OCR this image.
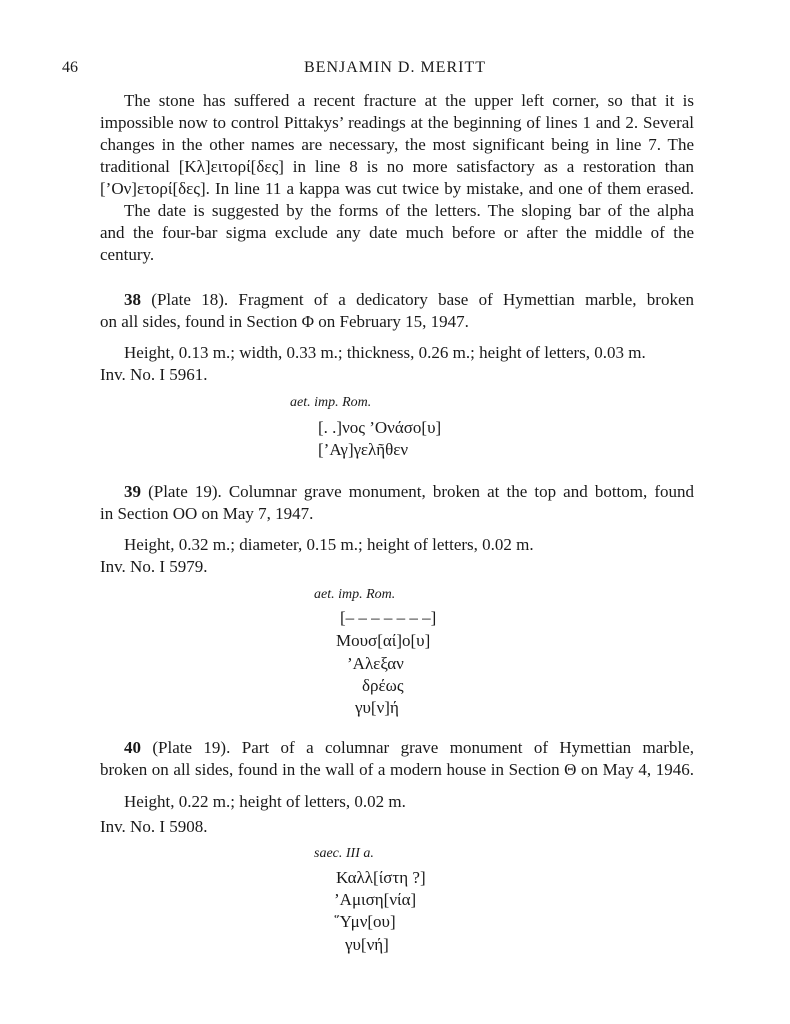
46	BENJAMIN D. MERITT
The stone has suffered a recent fracture at the upper left corner, so that it is
impossible now to control Pittakys’ readings at the beginning of lines 1 and 2. Several
changes in the other names are necessary, the most significant being in line 7. The
traditional [Κλ]ειτορί[δες] in line 8 is no more satisfactory as a restoration than
[’Ον]ετορί[δες]. In line 11 a kappa was cut twice by mistake, and one of them erased.
The date is suggested by the forms of the letters. The sloping bar of the alpha
and the four-bar sigma exclude any date much before or after the middle of the
century.
38 (Plate 18). Fragment of a dedicatory base of Hymettian marble, broken
on all sides, found in Section Φ on February 15, 1947.
Height, 0.13 m.; width, 0.33 m.; thickness, 0.26 m.; height of letters, 0.03 m.
Inv. No. I 5961.
aet. imp. Rom.
[. .]νος ’Ονάσο[υ]
[’Αγ]γελῆθεν
39 (Plate 19). Columnar grave monument, broken at the top and bottom, found
in Section ΟΟ on May 7, 1947.
Height, 0.32 m.; diameter, 0.15 m.; height of letters, 0.02 m.
Inv. No. I 5979.
aet. imp. Rom.
[– – – – – – –]
Μουσ[αί]ο[υ]
’Αλεξαν
δρέως
γυ[ν]ή
40 (Plate 19). Part of a columnar grave monument of Hymettian marble,
broken on all sides, found in the wall of a modern house in Section Θ on May 4, 1946.
Height, 0.22 m.; height of letters, 0.02 m.
Inv. No. I 5908.
saec. III a.
Καλλ[ίστη ?]
’Αμιση[νία]
῞Υμν[ου]
γυ[νή]
